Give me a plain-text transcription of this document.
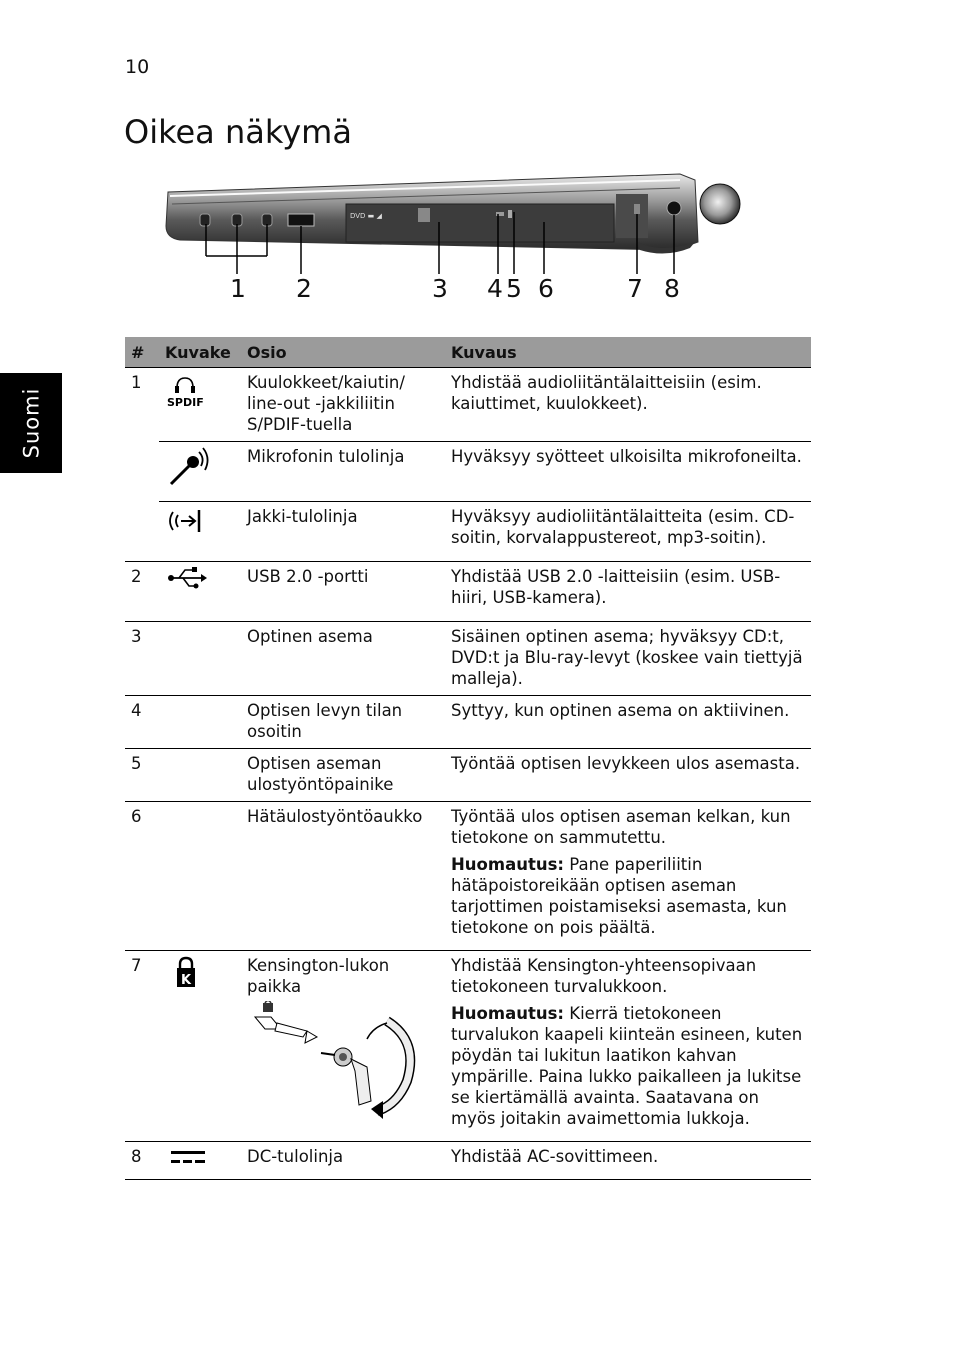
10
Oikea näkymä
Suomi
DVD ▬ ◢
1 2	3 4 5 6	7 8
#	Kuvake	Osio	Kuvaus
1	SPDIF	Kuulokkeet/kaiutin/ line-out -jakkiliitin S/PDIF-tuella	Yhdistää audioliitäntälaitteisiin (esim. kaiuttimet, kuulokkeet).
		Mikrofonin tulolinja	Hyväksyy syötteet ulkoisilta mikrofoneilta.
		Jakki-tulolinja	Hyväksyy audioliitäntälaitteita (esim. CD-soitin, korvalappustereot, mp3-soitin).
2		USB 2.0 -portti	Yhdistää USB 2.0 -laitteisiin (esim. USB-hiiri, USB-kamera).
3		Optinen asema	Sisäinen optinen asema; hyväksyy CD:t, DVD:t ja Blu-ray-levyt (koskee vain tiettyjä malleja).
4		Optisen levyn tilan osoitin	Syttyy, kun optinen asema on aktiivinen.
5		Optisen aseman ulostyöntöpainike	Työntää optisen levykkeen ulos asemasta.
6		Hätäulostyöntöaukko	Työntää ulos optisen aseman kelkan, kun tietokone on sammutettu.

Huomautus: Pane paperiliitin hätäpoistoreikään optisen aseman tarjottimen poistamiseksi asemasta, kun tietokone on pois päältä.

7	K	Kensington-lukon paikka	Yhdistää Kensington-yhteensopivaan tietokoneen turvalukkoon.

Huomautus: Kierrä tietokoneen turvalukon kaapeli kiinteän esineen, kuten pöydän tai lukitun laatikon kahvan ympärille. Paina lukko paikalleen ja lukitse se kiertämällä avainta. Saatavana on myös joitakin avaimettomia lukkoja.

8		DC-tulolinja	Yhdistää AC-sovittimeen.
